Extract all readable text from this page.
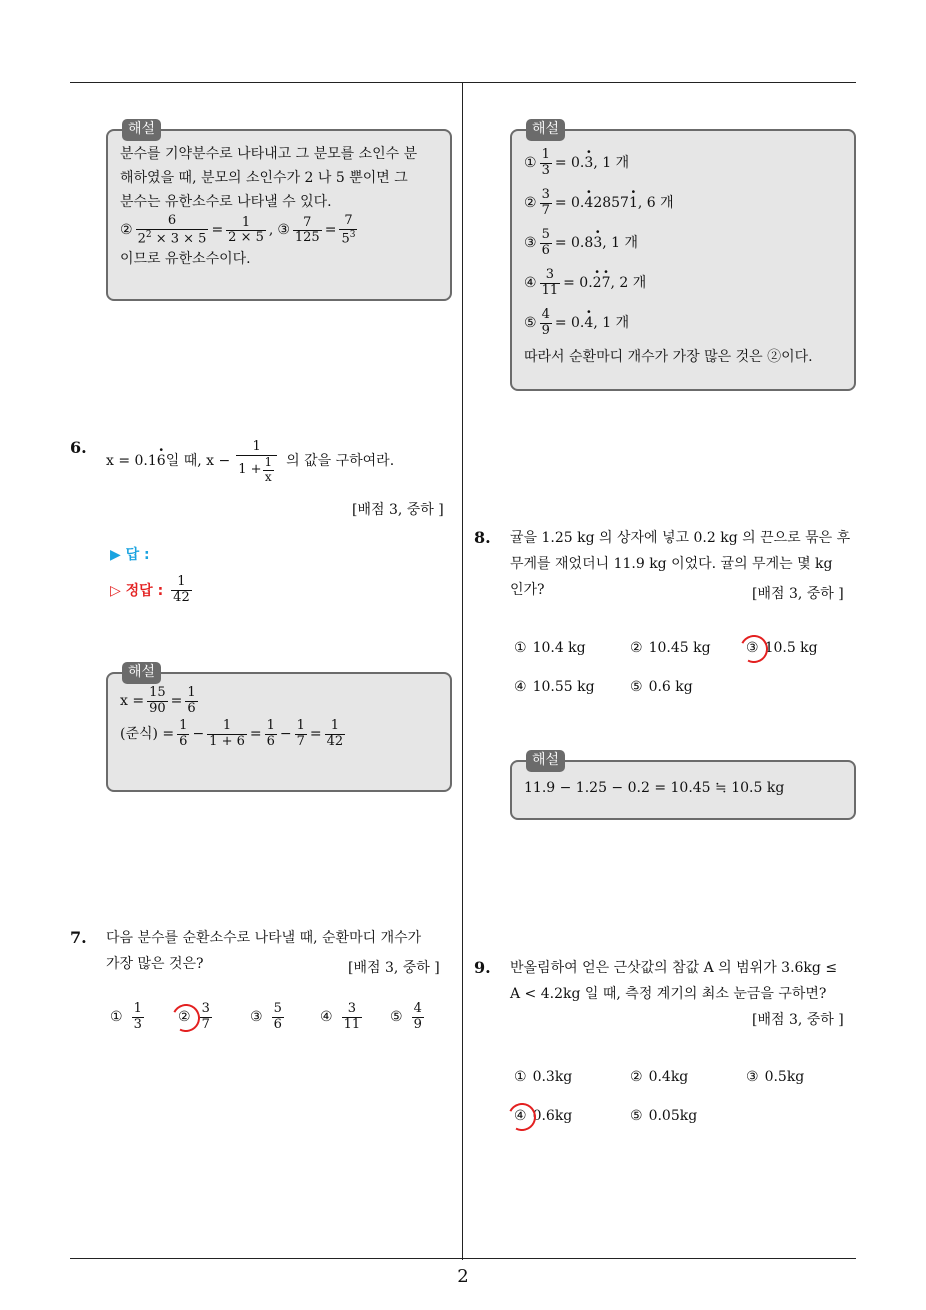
해설
분수를 기약분수로 나타내고 그 분모를 소인수 분
해하였을 때, 분모의 소인수가 2 나 5 뿐이면 그
분수는 유한소수로 나타낼 수 있다.
② $\frac{6}{2^2 \times 3 \times 5} = \frac{1}{2 \times 5}$ , ③ $\frac{7}{125} = \frac{7}{5^3}$
이므로 유한소수이다.
해설
① $\frac{1}{3} = 0$. 3 · , 1 개
② $\frac{3}{7} = 0$. 4 · 2857 1 · , 6 개
③ $\frac{5}{6} = 0$. 8 3 · , 1 개
④ $\frac{3}{11} = 0$. 2 · 7 · , 2 개
⑤ $\frac{4}{9} = 0$. 4 · , 1 개
따라서 순환마디 개수가 가장 많은 것은 ②이다.
6.
x = 0.1 6 · 일 때, $x - \frac{1}{1 + \frac{1}{x}}$ 의 값을 구하여라.
[배점 3, 중하 ]
▶ 답 :
▷ 정답 : $\frac{1}{42}$
해설
$x = \frac{15}{90} = \frac{1}{6}$
(준식) = $\frac{1}{6} - \frac{1}{1 + 6} = \frac{1}{6} - \frac{1}{7} = \frac{1}{42}$
7. 다음 분수를 순환소수로 나타낼 때, 순환마디 개수가
가장 많은 것은?	[배점 3, 중하 ]
① $\frac{1}{3}$ ② $\frac{3}{7}$	③ $\frac{5}{6}$	④ $\frac{3}{11}$ ⑤ $\frac{4}{9}$
8. 귤을 1.25 kg 의 상자에 넣고 0.2 kg 의 끈으로 묶은 후
무게를 재었더니 11.9 kg 이었다. 귤의 무게는 몇 kg
인가?	[배점 3, 중하 ]
① 10.4 kg	② 10.45 kg	③ 10.5 kg
④ 10.55 kg	⑤ 0.6 kg
해설
11.9 − 1.25 − 0.2 = 10.45 ≒ 10.5 kg
9. 반올림하여 얻은 근삿값의 참값 A 의 범위가 3.6kg ≤
A < 4.2kg 일 때, 측정 계기의 최소 눈금을 구하면?
[배점 3, 중하 ]
① 0.3kg	② 0.4kg	③ 0.5kg
④ 0.6kg	⑤ 0.05kg
2
